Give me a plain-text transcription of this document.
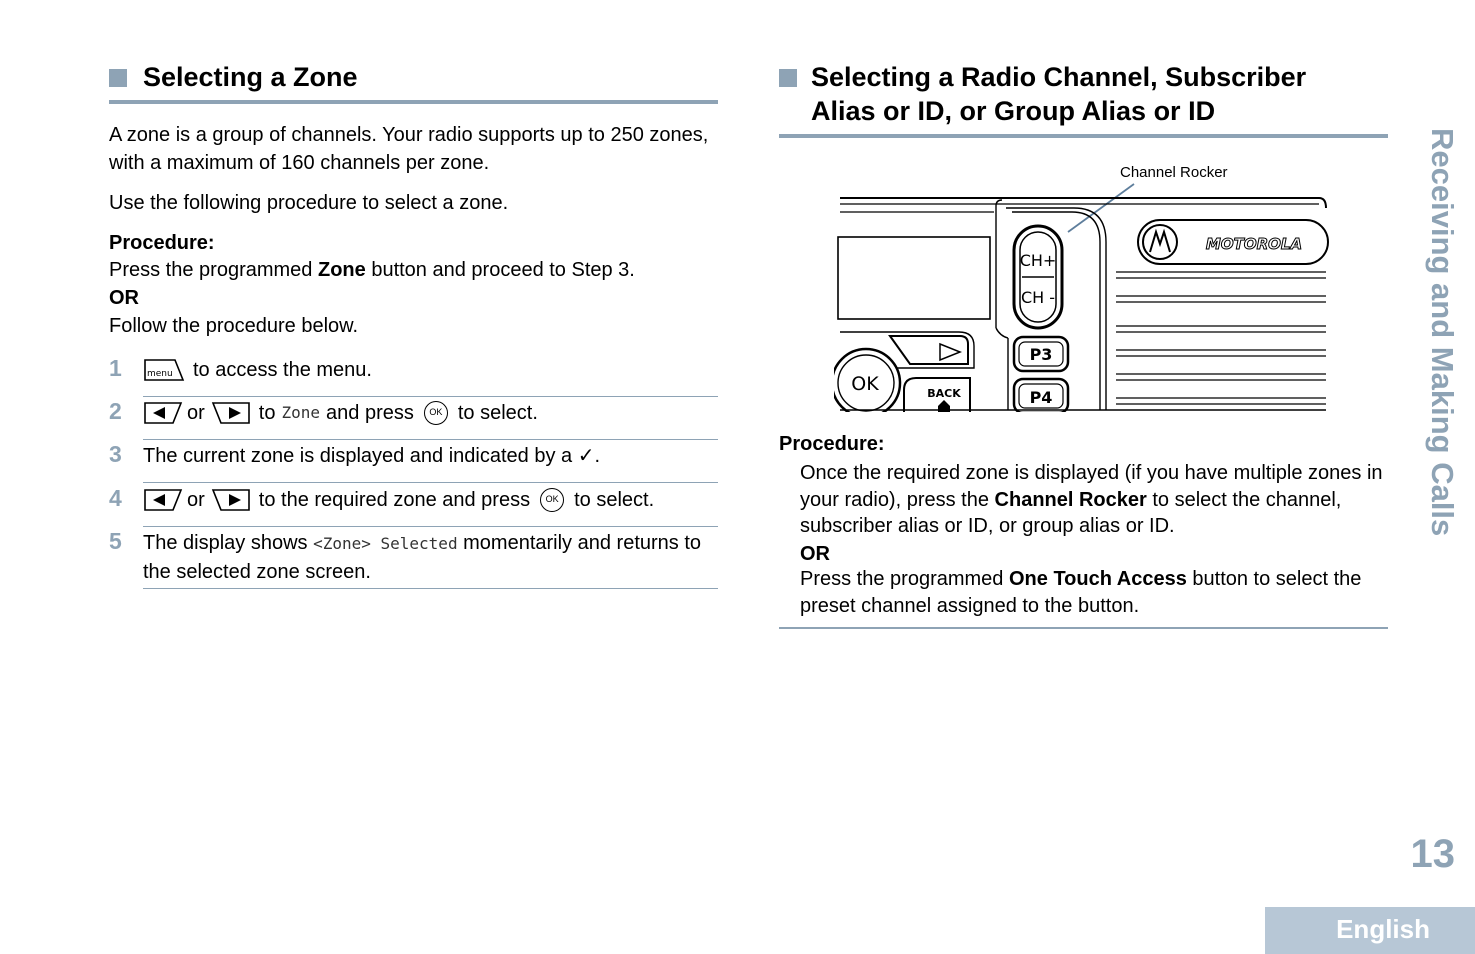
Selecting a Zone

A zone is a group of channels. Your radio supports up to 250 zones, with a maximum of 160 channels per zone.

Use the following procedure to select a zone.

Procedure:

Press the programmed Zone button and proceed to Step 3.

OR

Follow the procedure below.

1	menu to access the menu.
2	or	to Zone and press	OK to select.
3 The current zone is displayed and indicated by a ✓.
4	or	to the required zone and press	OK to select.
5 The display shows <Zone> Selected momentarily and returns to the selected zone screen.
Selecting a Radio Channel, Subscriber
Alias or ID, or Group Alias or ID
Channel Rocker
CH+
CH -
P3
P4
OK	BACK
MOTOROLA

Procedure:

Once the required zone is displayed (if you have multiple zones in your radio), press the Channel Rocker to select the channel, subscriber alias or ID, or group alias or ID.

OR

Press the programmed One Touch Access button to select the preset channel assigned to the button.

Receiving and Making Calls
13
English
